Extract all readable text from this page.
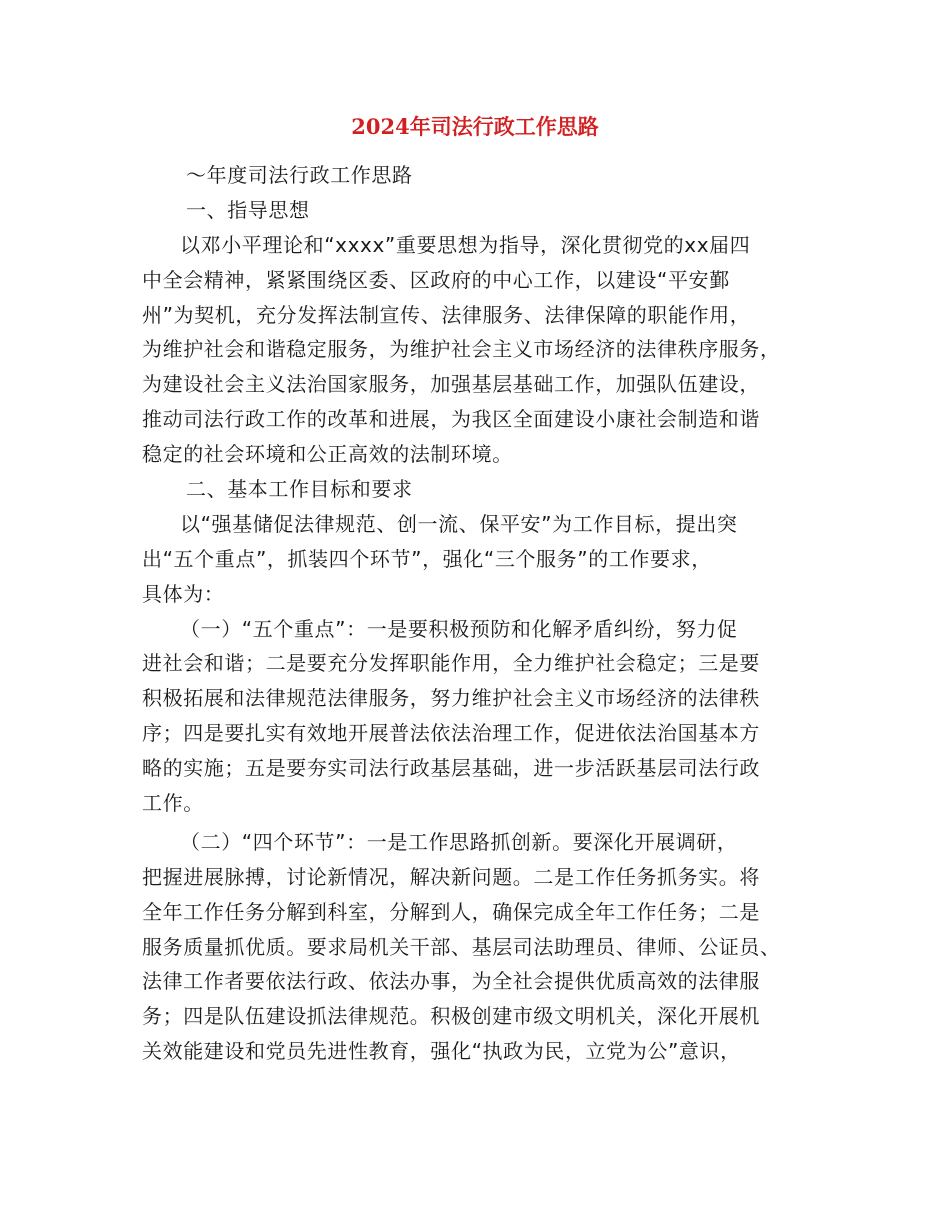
2024年司法行政工作思路
～年度司法行政工作思路
一、指导思想
以邓小平理论和“xxxx”重要思想为指导，深化贯彻党的xx届四
中全会精神，紧紧围绕区委、区政府的中心工作，以建设“平安鄞
州”为契机，充分发挥法制宣传、法律服务、法律保障的职能作用，
为维护社会和谐稳定服务，为维护社会主义市场经济的法律秩序服务，
为建设社会主义法治国家服务，加强基层基础工作，加强队伍建设，
推动司法行政工作的改革和进展，为我区全面建设小康社会制造和谐
稳定的社会环境和公正高效的法制环境。
二、基本工作目标和要求
以“强基储促法律规范、创一流、保平安”为工作目标，提出突
出“五个重点”，抓装四个环节”，强化“三个服务”的工作要求，
具体为：
（一）“五个重点”：一是要积极预防和化解矛盾纠纷，努力促
进社会和谐；二是要充分发挥职能作用，全力维护社会稳定；三是要
积极拓展和法律规范法律服务，努力维护社会主义市场经济的法律秩
序；四是要扎实有效地开展普法依法治理工作，促进依法治国基本方
略的实施；五是要夯实司法行政基层基础，进一步活跃基层司法行政
工作。
（二）“四个环节”：一是工作思路抓创新。要深化开展调研，
把握进展脉搏，讨论新情况，解决新问题。二是工作任务抓务实。将
全年工作任务分解到科室，分解到人，确保完成全年工作任务；二是
服务质量抓优质。要求局机关干部、基层司法助理员、律师、公证员、
法律工作者要依法行政、依法办事，为全社会提供优质高效的法律服
务；四是队伍建设抓法律规范。积极创建市级文明机关，深化开展机
关效能建设和党员先进性教育，强化“执政为民，立党为公”意识，
